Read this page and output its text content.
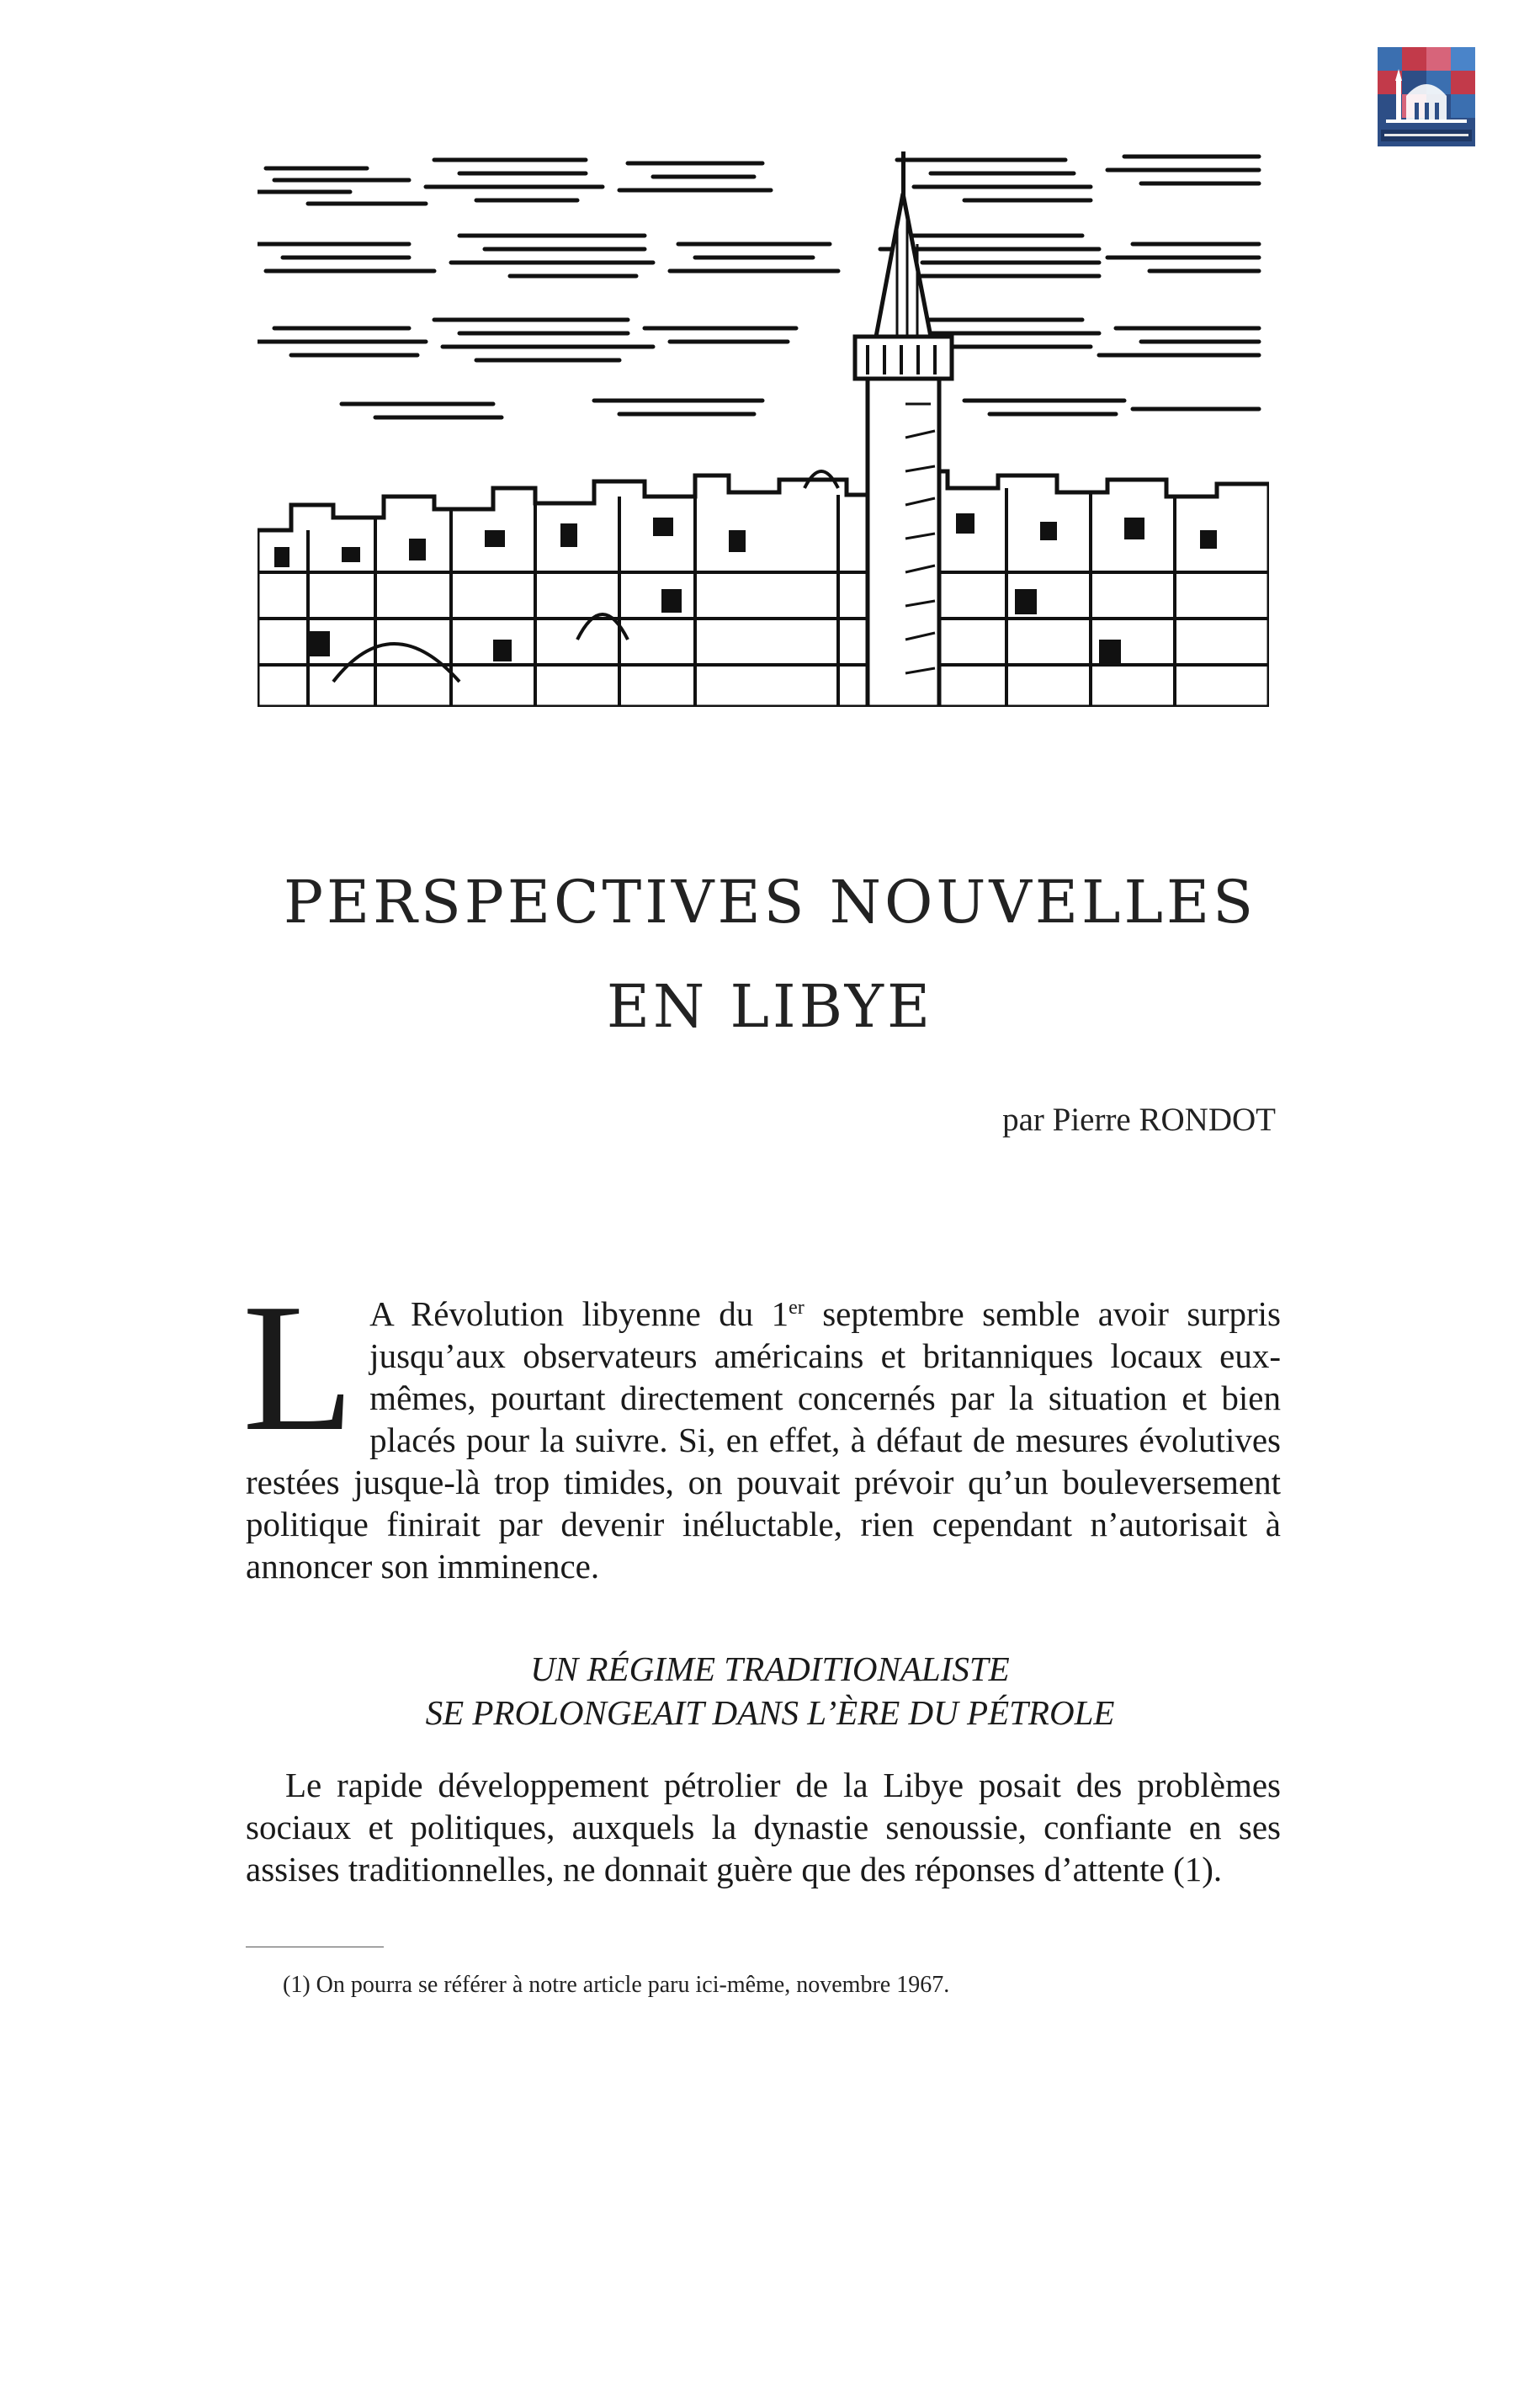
PERSPECTIVES NOUVELLES
EN LIBYE
par Pierre RONDOT
L A Révolution libyenne du 1er septembre semble avoir surpris jusqu’aux observateurs américains et britanniques locaux eux-mêmes, pourtant directement concernés par la situation et bien placés pour la suivre. Si, en effet, à défaut de mesures évolutives restées jusque-là trop timides, on pouvait prévoir qu’un bouleversement politique finirait par devenir inéluctable, rien cependant n’autorisait à annoncer son imminence.
UN RÉGIME TRADITIONALISTE
SE PROLONGEAIT DANS L’ÈRE DU PÉTROLE
Le rapide développement pétrolier de la Libye posait des problèmes sociaux et politiques, auxquels la dynastie senoussie, confiante en ses assises traditionnelles, ne donnait guère que des réponses d’attente (1).
(1) On pourra se référer à notre article paru ici-même, novembre 1967.
